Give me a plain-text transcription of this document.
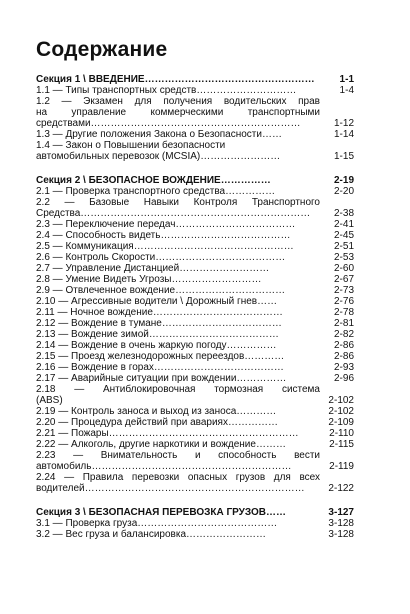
Содержание
Секция 1 \ ВВЕДЕНИЕ……………………………………………	1-1
1.1 — Типы транспортных средств…………………………	1-4
1.2 — Экзамен для получения водительских прав
на управление коммерческими транспортными
средствами………………………………………………………	1-12
1.3 — Другие положения Закона о Безопасности……	1-14
1.4 — Закон о Повышении безопасности
автомобильных перевозок (MCSIA)……………………	1-15
Секция 2 \ БЕЗОПАСНОЕ ВОЖДЕНИЕ……………	2-19
2.1 — Проверка транспортного средства……………	2-20
2.2 — Базовые Навыки Контроля Транспортного
Средства……………………………………………………………	2-38
2.3 — Переключение передач………………………………	2-41
2.4 — Способность видеть…………………………………	2-45
2.5 — Коммуникация…………………………………………	2-51
2.6 — Контроль Скорости…………………………………	2-53
2.7 — Управление Дистанцией………………………	2-60
2.8 — Умение Видеть Угрозы………………………	2-67
2.9 — Отвлеченное вождение……………………………	2-73
2.10 — Агрессивные водители \ Дорожный гнев……	2-76
2.11 — Ночное вождение…………………………………	2-78
2.12 — Вождение в тумане………………………………	2-81
2.13 — Вождение зимой…………………………………	2-82
2.14 — Вождение в очень жаркую погоду……………	2-86
2.15 — Проезд железнодорожных переездов…………	2-86
2.16 — Вождение в горах…………………………………	2-93
2.17 — Аварийные ситуации при вождении……………	2-96
2.18 — Антиблокировочная тормозная система
(ABS)	2-102
2.19 — Контроль заноса и выход из заноса…………	2-102
2.20 — Процедура действий при авариях……………	2-109
2.21 — Пожары…………………………………………………	2-110
2.22 — Алкоголь, другие наркотики и вождение………	2-115
2.23 — Внимательность и способность вести
автомобиль……………………………………………………	2-119
2.24 — Правила перевозки опасных грузов для всех
водителей…………………………………………………………	2-122
Секция 3 \ БЕЗОПАСНАЯ ПЕРЕВОЗКА ГРУЗОВ……	3-127
3.1 — Проверка груза……………………………………	3-128
3.2 — Вес груза и балансировка……………………	3-128
